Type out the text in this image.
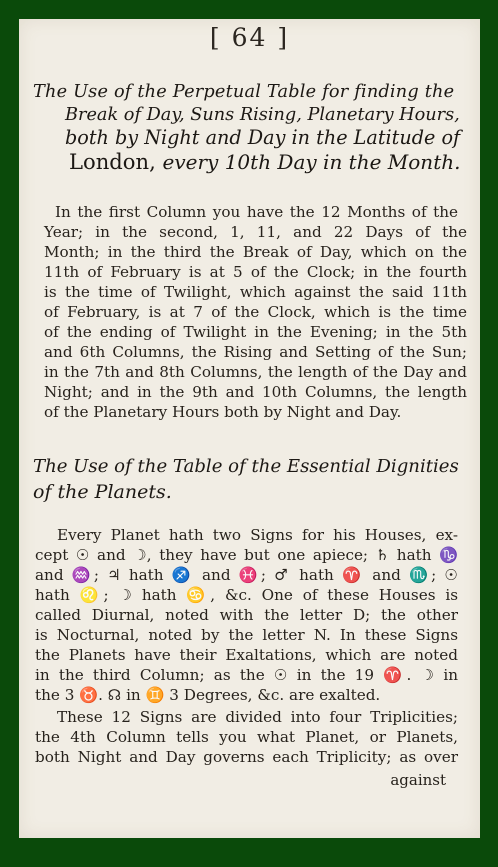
[ 64 ]
The Use of the Perpetual Table for finding the
Break of Day, Suns Rising, Planetary Hours,
both by Night and Day in the Latitude of
London, every 10th Day in the Month.
In the first Column you have the 12 Months of the
Year; in the second, 1, 11, and 22 Days of the
Month; in the third the Break of Day, which on the
11th of February is at 5 of the Clock; in the fourth
is the time of Twilight, which against the said 11th
of February, is at 7 of the Clock, which is the time
of the ending of Twilight in the Evening; in the 5th
and 6th Columns, the Rising and Setting of the Sun;
in the 7th and 8th Columns, the length of the Day and
Night; and in the 9th and 10th Columns, the length
of the Planetary Hours both by Night and Day.
The Use of the Table of the Essential Dignities
of the Planets.
Every Planet hath two Signs for his Houses, ex-
cept ☉ and ☽, they have but one apiece; ♄ hath ♑
and ♒; ♃ hath ♐ and ♓; ♂ hath ♈ and ♏; ☉
hath ♌; ☽ hath ♋, &c. One of these Houses is
called Diurnal, noted with the letter D; the other
is Nocturnal, noted by the letter N. In these Signs
the Planets have their Exaltations, which are noted
in the third Column; as the ☉ in the 19 ♈. ☽ in
the 3 ♉. ☊ in ♊ 3 Degrees, &c. are exalted.
These 12 Signs are divided into four Triplicities;
the 4th Column tells you what Planet, or Planets,
both Night and Day governs each Triplicity; as over
against
